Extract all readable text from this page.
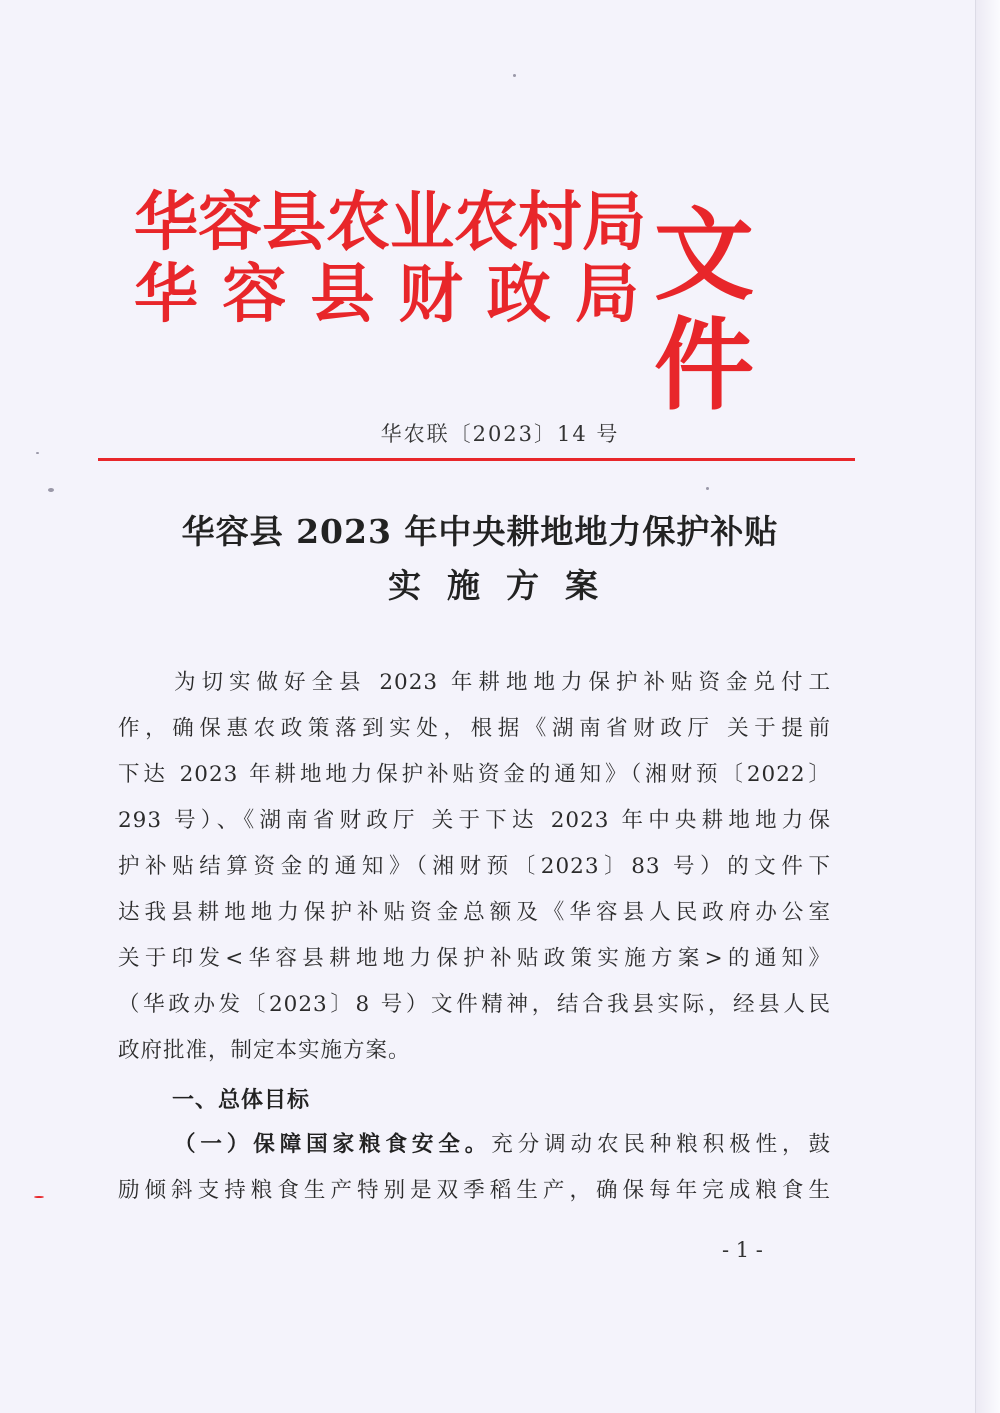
华 容 县 农 业 农 村 局
华 容 县 财 政 局 文件
华农联〔2023〕14 号
华容县 2023 年中央耕地地力保护补贴
实施方案
为切实做好全县 2023 年耕地地力保护补贴资金兑付工
作，确保惠农政策落到实处，根据《湖南省财政厅 关于提前
下达 2023 年耕地地力保护补贴资金的通知》（湘财预〔2022〕
293 号）、《湖南省财政厅 关于下达 2023 年中央耕地地力保
护补贴结算资金的通知》（湘财预〔2023〕83 号）的文件下
达我县耕地地力保护补贴资金总额及《华容县人民政府办公室
关于印发<华容县耕地地力保护补贴政策实施方案>的通知》
（华政办发〔2023〕8 号）文件精神，结合我县实际，经县人民
政府批准，制定本实施方案。
一、总体目标
（一）保障国家粮食安全。充分调动农民种粮积极性，鼓
励倾斜支持粮食生产特别是双季稻生产，确保每年完成粮食生
- 1 -
